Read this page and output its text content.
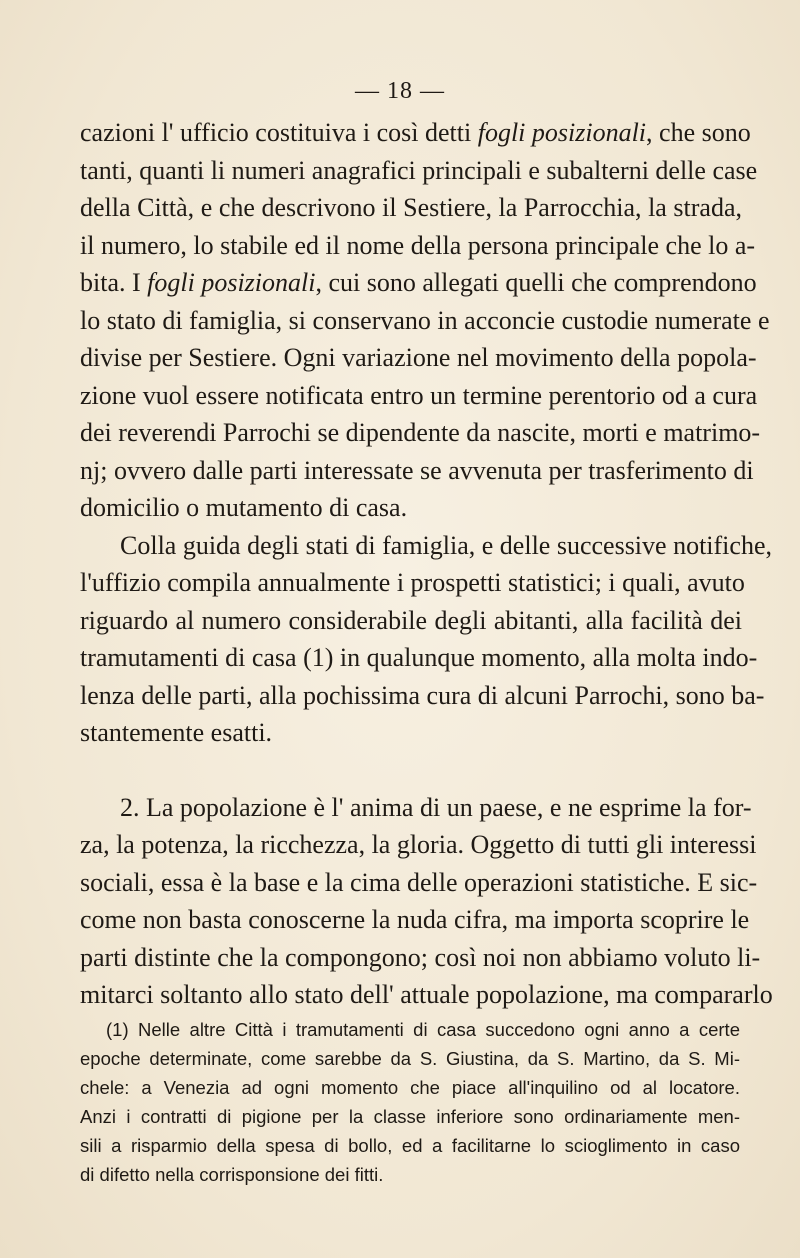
— 18 —
cazioni l' ufficio costituiva i così detti fogli posizionali, che sono
tanti, quanti li numeri anagrafici principali e subalterni delle case
della Città, e che descrivono il Sestiere, la Parrocchia, la strada,
il numero, lo stabile ed il nome della persona principale che lo a-
bita. I fogli posizionali, cui sono allegati quelli che comprendono
lo stato di famiglia, si conservano in acconcie custodie numerate e
divise per Sestiere. Ogni variazione nel movimento della popola-
zione vuol essere notificata entro un termine perentorio od a cura
dei reverendi Parrochi se dipendente da nascite, morti e matrimo-
nj; ovvero dalle parti interessate se avvenuta per trasferimento di
domicilio o mutamento di casa.
Colla guida degli stati di famiglia, e delle successive notifiche,
l'uffizio compila annualmente i prospetti statistici; i quali, avuto
riguardo al numero considerabile degli abitanti, alla facilità dei
tramutamenti di casa (1) in qualunque momento, alla molta indo-
lenza delle parti, alla pochissima cura di alcuni Parrochi, sono ba-
stantemente esatti.
2. La popolazione è l' anima di un paese, e ne esprime la for-
za, la potenza, la ricchezza, la gloria. Oggetto di tutti gli interessi
sociali, essa è la base e la cima delle operazioni statistiche. E sic-
come non basta conoscerne la nuda cifra, ma importa scoprire le
parti distinte che la compongono; così noi non abbiamo voluto li-
mitarci soltanto allo stato dell' attuale popolazione, ma compararlo
(1) Nelle altre Città i tramutamenti di casa succedono ogni anno a certe
epoche determinate, come sarebbe da S. Giustina, da S. Martino, da S. Mi-
chele: a Venezia ad ogni momento che piace all'inquilino od al locatore.
Anzi i contratti di pigione per la classe inferiore sono ordinariamente men-
sili a risparmio della spesa di bollo, ed a facilitarne lo scioglimento in caso
di difetto nella corrisponsione dei fitti.
